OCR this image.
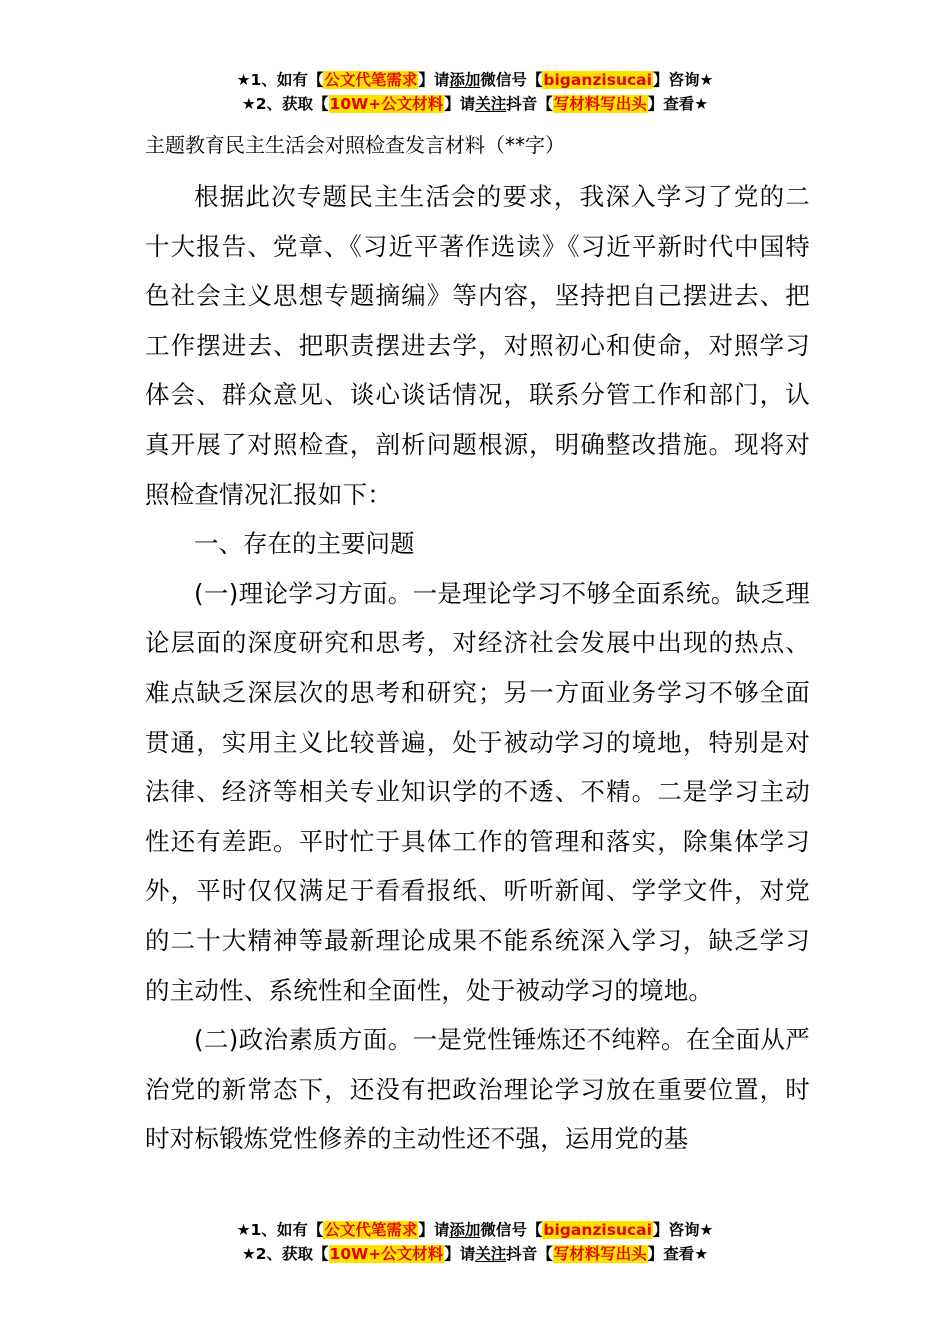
★1、如有【公文代笔需求】请添加微信号【biganzisucai】咨询★
★2、获取【10W+公文材料】请关注抖音【写材料写出头】查看★
主题教育民主生活会对照检查发言材料（**字）

根据此次专题民主生活会的要求，我深入学习了党的二十大报告、党章、《习近平著作选读》《习近平新时代中国特色社会主义思想专题摘编》等内容，坚持把自己摆进去、把工作摆进去、把职责摆进去学，对照初心和使命，对照学习体会、群众意见、谈心谈话情况，联系分管工作和部门，认真开展了对照检查，剖析问题根源，明确整改措施。现将对照检查情况汇报如下：

一、存在的主要问题

(一)理论学习方面。一是理论学习不够全面系统。缺乏理论层面的深度研究和思考，对经济社会发展中出现的热点、难点缺乏深层次的思考和研究；另一方面业务学习不够全面贯通，实用主义比较普遍，处于被动学习的境地，特别是对法律、经济等相关专业知识学的不透、不精。二是学习主动性还有差距。平时忙于具体工作的管理和落实，除集体学习外，平时仅仅满足于看看报纸、听听新闻、学学文件，对党的二十大精神等最新理论成果不能系统深入学习，缺乏学习的主动性、系统性和全面性，处于被动学习的境地。

(二)政治素质方面。一是党性锤炼还不纯粹。在全面从严治党的新常态下，还没有把政治理论学习放在重要位置，时时对标锻炼党性修养的主动性还不强，运用党的基

★1、如有【公文代笔需求】请添加微信号【biganzisucai】咨询★
★2、获取【10W+公文材料】请关注抖音【写材料写出头】查看★
